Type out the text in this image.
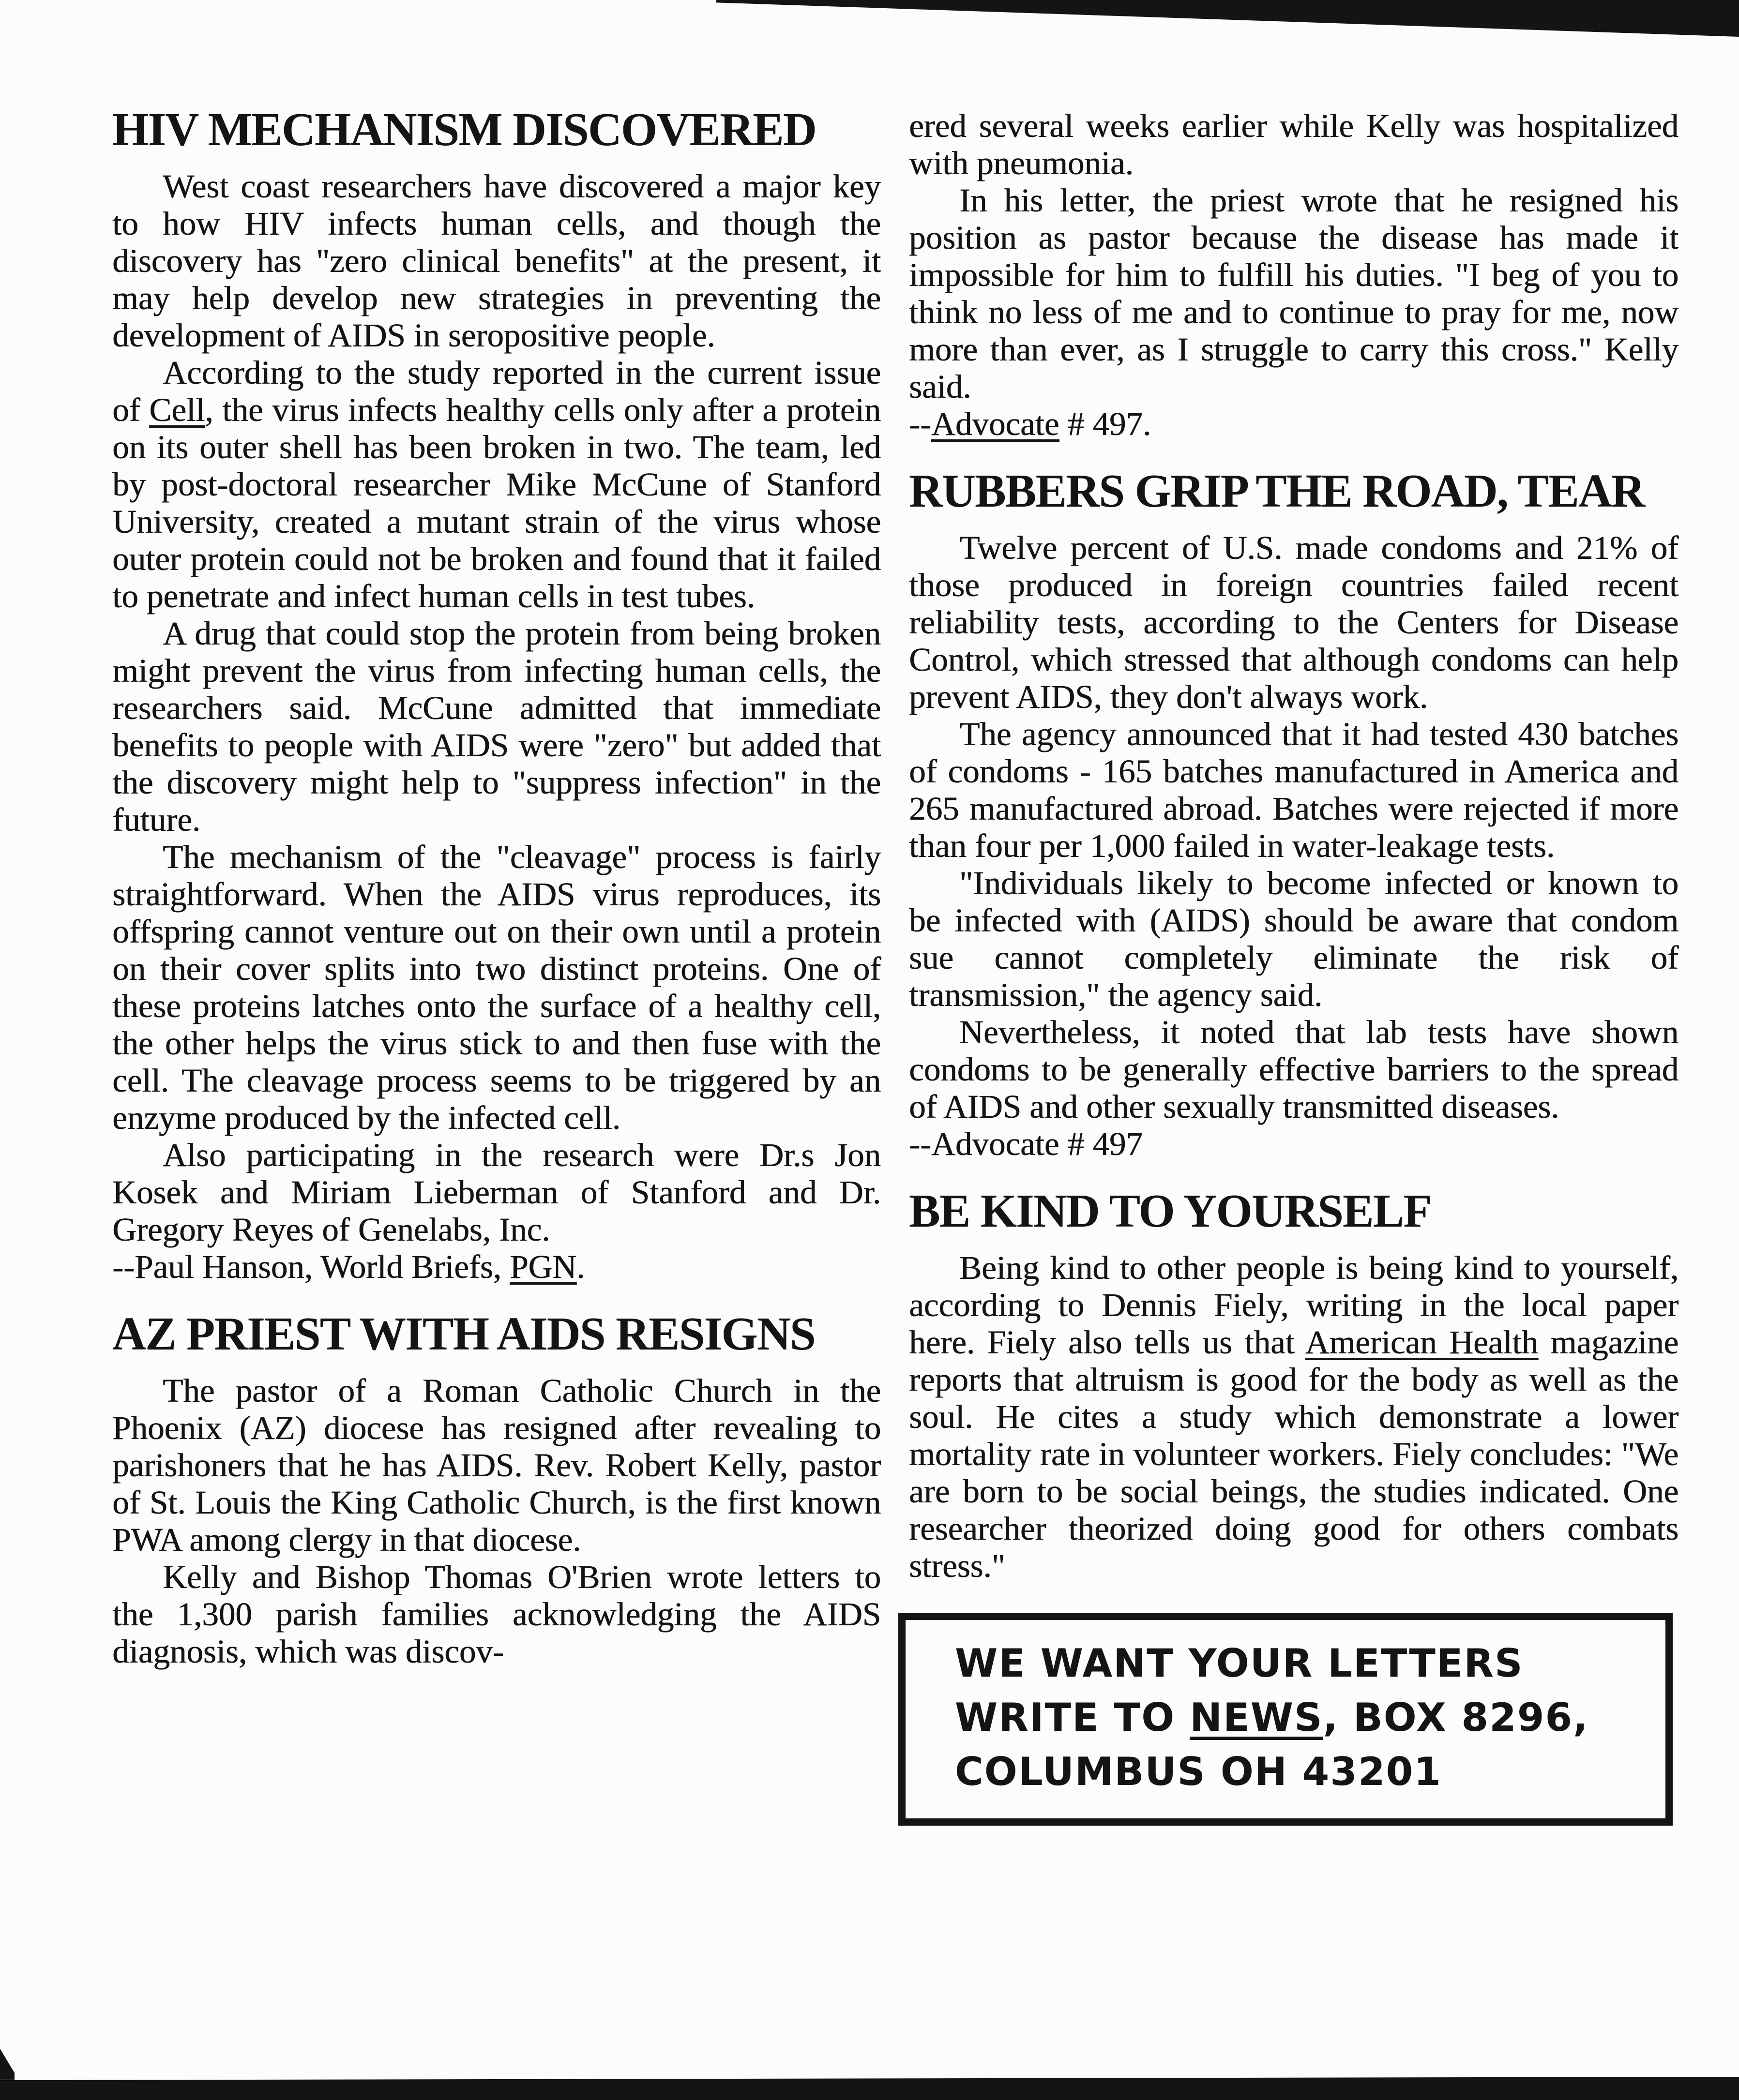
HIV MECHANISM DISCOVERED

West coast researchers have discovered a major key to how HIV infects human cells, and though the discovery has "zero clinical benefits" at the present, it may help develop new strategies in preventing the development of AIDS in seropositive people.

According to the study reported in the current issue of Cell, the virus infects healthy cells only after a protein on its outer shell has been broken in two. The team, led by post-doctoral researcher Mike McCune of Stanford University, created a mutant strain of the virus whose outer protein could not be broken and found that it failed to penetrate and infect human cells in test tubes.

A drug that could stop the protein from being broken might prevent the virus from infecting human cells, the researchers said. McCune admitted that immediate benefits to people with AIDS were "zero" but added that the discovery might help to "suppress infection" in the future.

The mechanism of the "cleavage" process is fairly straightforward. When the AIDS virus reproduces, its offspring cannot venture out on their own until a protein on their cover splits into two distinct proteins. One of these proteins latches onto the surface of a healthy cell, the other helps the virus stick to and then fuse with the cell. The cleavage process seems to be triggered by an enzyme produced by the infected cell.

Also participating in the research were Dr.s Jon Kosek and Miriam Lieberman of Stanford and Dr. Gregory Reyes of Genelabs, Inc.

--Paul Hanson, World Briefs, PGN.

AZ PRIEST WITH AIDS RESIGNS

The pastor of a Roman Catholic Church in the Phoenix (AZ) diocese has resigned after revealing to parishoners that he has AIDS. Rev. Robert Kelly, pastor of St. Louis the King Catholic Church, is the first known PWA among clergy in that diocese.

Kelly and Bishop Thomas O'Brien wrote letters to the 1,300 parish families acknowledging the AIDS diagnosis, which was discov-

ered several weeks earlier while Kelly was hospitalized with pneumonia.

In his letter, the priest wrote that he resigned his position as pastor because the disease has made it impossible for him to fulfill his duties. "I beg of you to think no less of me and to continue to pray for me, now more than ever, as I struggle to carry this cross." Kelly said.

--Advocate # 497.

RUBBERS GRIP THE ROAD, TEAR

Twelve percent of U.S. made condoms and 21% of those produced in foreign countries failed recent reliability tests, according to the Centers for Disease Control, which stressed that although condoms can help prevent AIDS, they don't always work.

The agency announced that it had tested 430 batches of condoms - 165 batches manufactured in America and 265 manufactured abroad. Batches were rejected if more than four per 1,000 failed in water-leakage tests.

"Individuals likely to become infected or known to be infected with (AIDS) should be aware that condom sue cannot completely eliminate the risk of transmission," the agency said.

Nevertheless, it noted that lab tests have shown condoms to be generally effective barriers to the spread of AIDS and other sexually transmitted diseases.

--Advocate # 497

BE KIND TO YOURSELF

Being kind to other people is being kind to yourself, according to Dennis Fiely, writing in the local paper here. Fiely also tells us that American Health magazine reports that altruism is good for the body as well as the soul. He cites a study which demonstrate a lower mortality rate in volunteer workers. Fiely concludes: "We are born to be social beings, the studies indicated. One researcher theorized doing good for others combats stress."

WE WANT YOUR LETTERS
WRITE TO NEWS, BOX 8296,
COLUMBUS OH 43201
